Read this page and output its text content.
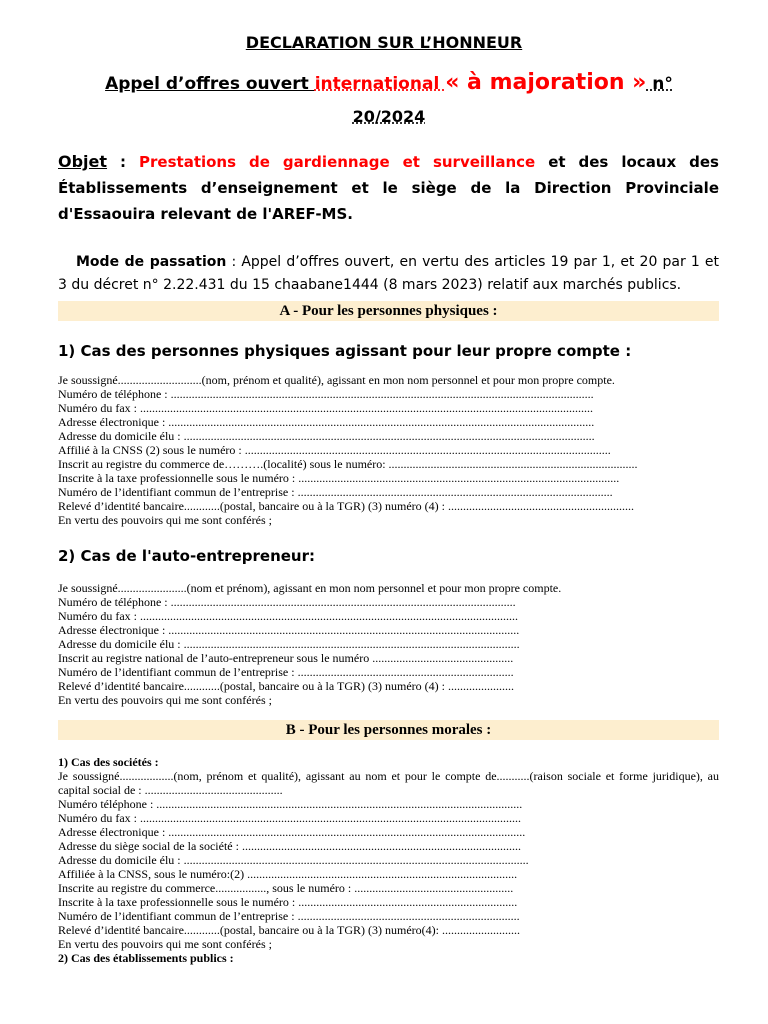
DECLARATION SUR L’HONNEUR
Appel d’offres ouvert international « à majoration » n°
20/2024
Objet : Prestations de gardiennage et surveillance et des locaux des Établissements d’enseignement et le siège de la Direction Provinciale d'Essaouira relevant de l'AREF-MS.
Mode de passation : Appel d’offres ouvert, en vertu des articles 19 par 1, et 20 par 1 et 3 du décret n° 2.22.431 du 15 chaabane1444 (8 mars 2023) relatif aux marchés publics.
A - Pour les personnes physiques :
1) Cas des personnes physiques agissant pour leur propre compte :
Je soussigné............................(nom, prénom et qualité), agissant en mon nom personnel et pour mon propre compte.
Numéro de téléphone : .............................................................................................................................................
Numéro du fax : .......................................................................................................................................................
Adresse électronique : ..............................................................................................................................................
Adresse du domicile élu : .........................................................................................................................................
Affilié à la CNSS (2) sous le numéro : ..........................................................................................................................
Inscrit au registre du commerce de……….(localité) sous le numéro: ...................................................................................
Inscrite à la taxe professionnelle sous le numéro : ...........................................................................................................
Numéro de l’identifiant commun de l’entreprise : .........................................................................................................
Relevé d’identité bancaire............(postal, bancaire ou à la TGR) (3) numéro (4) : ..............................................................
En vertu des pouvoirs qui me sont conférés ;
2) Cas de l'auto-entrepreneur:
Je soussigné.......................(nom et prénom), agissant en mon nom personnel et pour mon propre compte.
Numéro de téléphone : ...................................................................................................................
Numéro du fax : ..............................................................................................................................
Adresse électronique : .....................................................................................................................
Adresse du domicile élu : ................................................................................................................
Inscrit au registre national de l’auto-entrepreneur sous le numéro ...............................................
Numéro de l’identifiant commun de l’entreprise : ........................................................................
Relevé d’identité bancaire............(postal, bancaire ou à la TGR) (3) numéro (4) : ......................
En vertu des pouvoirs qui me sont conférés ;
B - Pour les personnes morales :
1) Cas des sociétés :
Je soussigné..................(nom, prénom et qualité), agissant au nom et pour le compte de...........(raison sociale et forme juridique), au capital social de : ..............................................
Numéro téléphone : ..........................................................................................................................
Numéro du fax : ...............................................................................................................................
Adresse électronique : .......................................................................................................................
Adresse du siège social de la société : .............................................................................................
Adresse du domicile élu : ...................................................................................................................
Affiliée à la CNSS, sous le numéro:(2) ..........................................................................................
Inscrite au registre du commerce................., sous le numéro : .....................................................
Inscrite à la taxe professionnelle sous le numéro : .........................................................................
Numéro de l’identifiant commun de l’entreprise : ..........................................................................
Relevé d’identité bancaire............(postal, bancaire ou à la TGR) (3) numéro(4): ..........................
En vertu des pouvoirs qui me sont conférés ;
2) Cas des établissements publics :
